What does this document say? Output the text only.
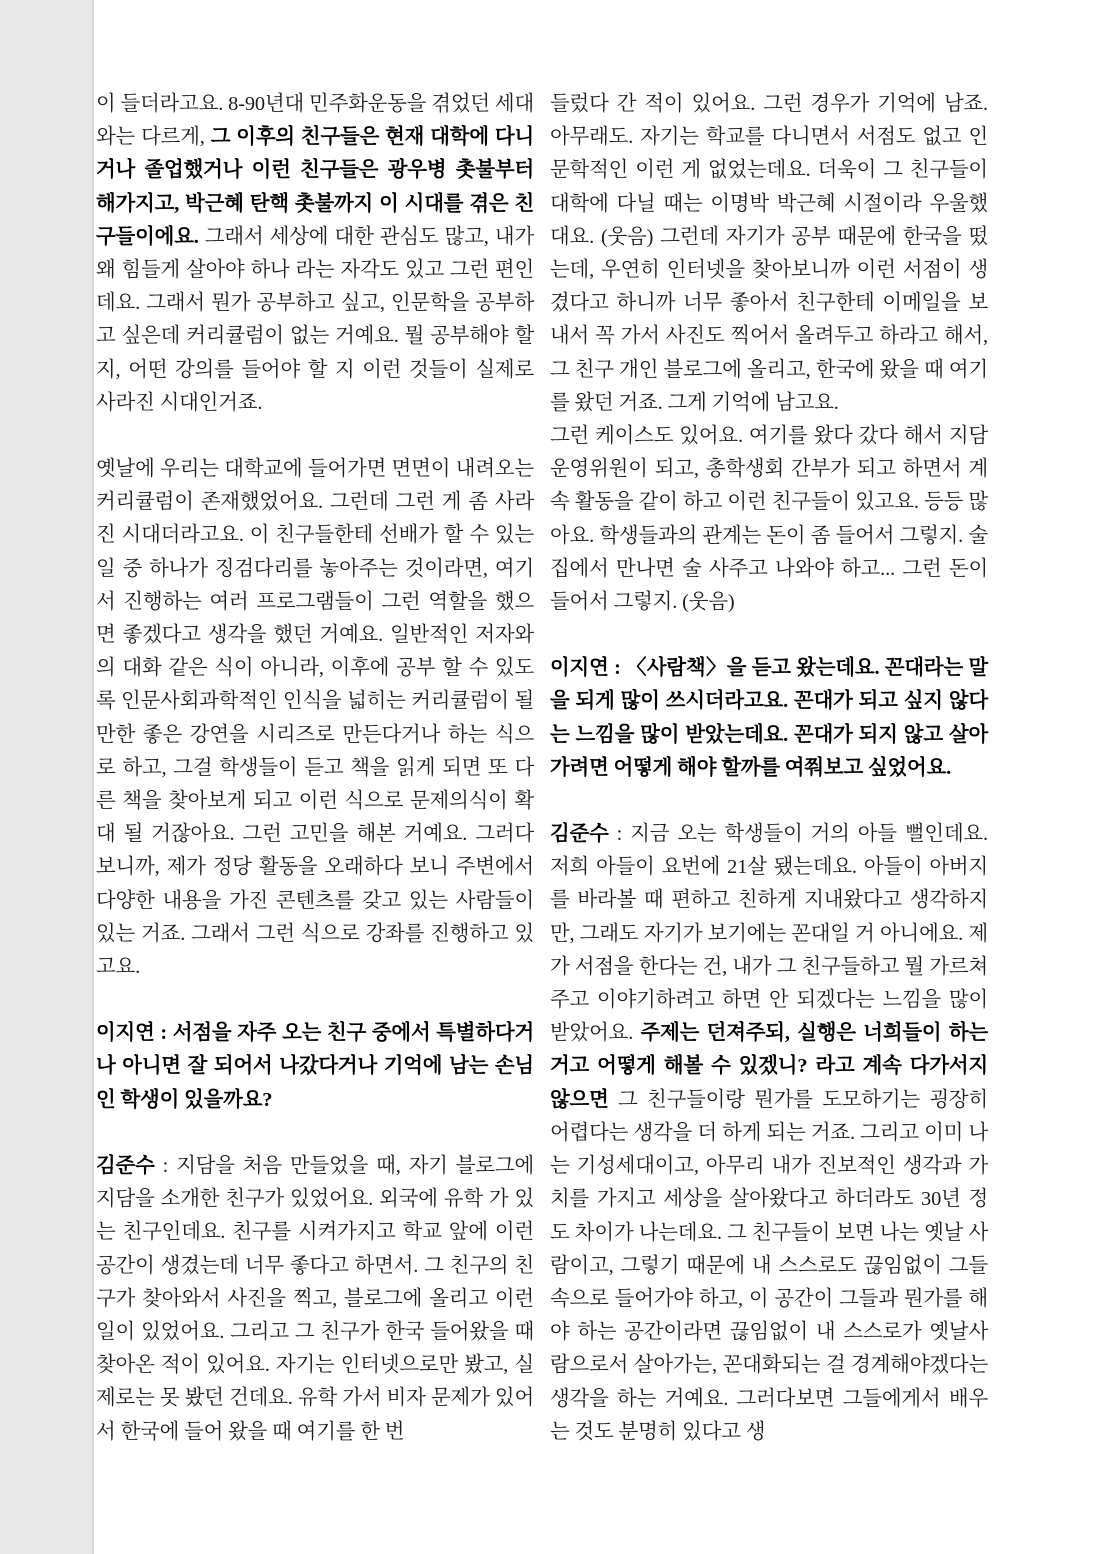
이 들더라고요. 8-90년대 민주화운동을 겪었던 세대와는 다르게, 그 이후의 친구들은 현재 대학에 다니거나 졸업했거나 이런 친구들은 광우병 촛불부터 해가지고, 박근혜 탄핵 촛불까지 이 시대를 겪은 친구들이에요. 그래서 세상에 대한 관심도 많고, 내가 왜 힘들게 살아야 하나 라는 자각도 있고 그런 편인데요. 그래서 뭔가 공부하고 싶고, 인문학을 공부하고 싶은데 커리큘럼이 없는 거예요. 뭘 공부해야 할 지, 어떤 강의를 들어야 할 지 이런 것들이 실제로 사라진 시대인거죠.

옛날에 우리는 대학교에 들어가면 면면이 내려오는 커리큘럼이 존재했었어요. 그런데 그런 게 좀 사라진 시대더라고요. 이 친구들한테 선배가 할 수 있는 일 중 하나가 징검다리를 놓아주는 것이라면, 여기서 진행하는 여러 프로그램들이 그런 역할을 했으면 좋겠다고 생각을 했던 거예요. 일반적인 저자와의 대화 같은 식이 아니라, 이후에 공부 할 수 있도록 인문사회과학적인 인식을 넓히는 커리큘럼이 될만한 좋은 강연을 시리즈로 만든다거나 하는 식으로 하고, 그걸 학생들이 듣고 책을 읽게 되면 또 다른 책을 찾아보게 되고 이런 식으로 문제의식이 확대 될 거잖아요. 그런 고민을 해본 거예요. 그러다 보니까, 제가 정당 활동을 오래하다 보니 주변에서 다양한 내용을 가진 콘텐츠를 갖고 있는 사람들이 있는 거죠. 그래서 그런 식으로 강좌를 진행하고 있고요.

이지연 : 서점을 자주 오는 친구 중에서 특별하다거나 아니면 잘 되어서 나갔다거나 기억에 남는 손님인 학생이 있을까요?

김준수 : 지담을 처음 만들었을 때, 자기 블로그에 지담을 소개한 친구가 있었어요. 외국에 유학 가 있는 친구인데요. 친구를 시켜가지고 학교 앞에 이런 공간이 생겼는데 너무 좋다고 하면서. 그 친구의 친구가 찾아와서 사진을 찍고, 블로그에 올리고 이런 일이 있었어요. 그리고 그 친구가 한국 들어왔을 때 찾아온 적이 있어요. 자기는 인터넷으로만 봤고, 실제로는 못 봤던 건데요. 유학 가서 비자 문제가 있어서 한국에 들어 왔을 때 여기를 한 번

들렀다 간 적이 있어요. 그런 경우가 기억에 남죠. 아무래도. 자기는 학교를 다니면서 서점도 없고 인문학적인 이런 게 없었는데요. 더욱이 그 친구들이 대학에 다닐 때는 이명박 박근혜 시절이라 우울했대요. (웃음) 그런데 자기가 공부 때문에 한국을 떴는데, 우연히 인터넷을 찾아보니까 이런 서점이 생겼다고 하니까 너무 좋아서 친구한테 이메일을 보내서 꼭 가서 사진도 찍어서 올려두고 하라고 해서, 그 친구 개인 블로그에 올리고, 한국에 왔을 때 여기를 왔던 거죠. 그게 기억에 남고요.

그런 케이스도 있어요. 여기를 왔다 갔다 해서 지담 운영위원이 되고, 총학생회 간부가 되고 하면서 계속 활동을 같이 하고 이런 친구들이 있고요. 등등 많아요. 학생들과의 관계는 돈이 좀 들어서 그렇지. 술집에서 만나면 술 사주고 나와야 하고... 그런 돈이 들어서 그렇지. (웃음)

이지연 : 〈사람책〉을 듣고 왔는데요. 꼰대라는 말을 되게 많이 쓰시더라고요. 꼰대가 되고 싶지 않다는 느낌을 많이 받았는데요. 꼰대가 되지 않고 살아가려면 어떻게 해야 할까를 여쭤보고 싶었어요.

김준수 : 지금 오는 학생들이 거의 아들 뻘인데요. 저희 아들이 요번에 21살 됐는데요. 아들이 아버지를 바라볼 때 편하고 친하게 지내왔다고 생각하지만, 그래도 자기가 보기에는 꼰대일 거 아니에요. 제가 서점을 한다는 건, 내가 그 친구들하고 뭘 가르쳐주고 이야기하려고 하면 안 되겠다는 느낌을 많이 받았어요. 주제는 던져주되, 실행은 너희들이 하는 거고 어떻게 해볼 수 있겠니? 라고 계속 다가서지 않으면 그 친구들이랑 뭔가를 도모하기는 굉장히 어렵다는 생각을 더 하게 되는 거죠. 그리고 이미 나는 기성세대이고, 아무리 내가 진보적인 생각과 가치를 가지고 세상을 살아왔다고 하더라도 30년 정도 차이가 나는데요. 그 친구들이 보면 나는 옛날 사람이고, 그렇기 때문에 내 스스로도 끊임없이 그들 속으로 들어가야 하고, 이 공간이 그들과 뭔가를 해야 하는 공간이라면 끊임없이 내 스스로가 옛날사람으로서 살아가는, 꼰대화되는 걸 경계해야겠다는 생각을 하는 거예요. 그러다보면 그들에게서 배우는 것도 분명히 있다고 생
